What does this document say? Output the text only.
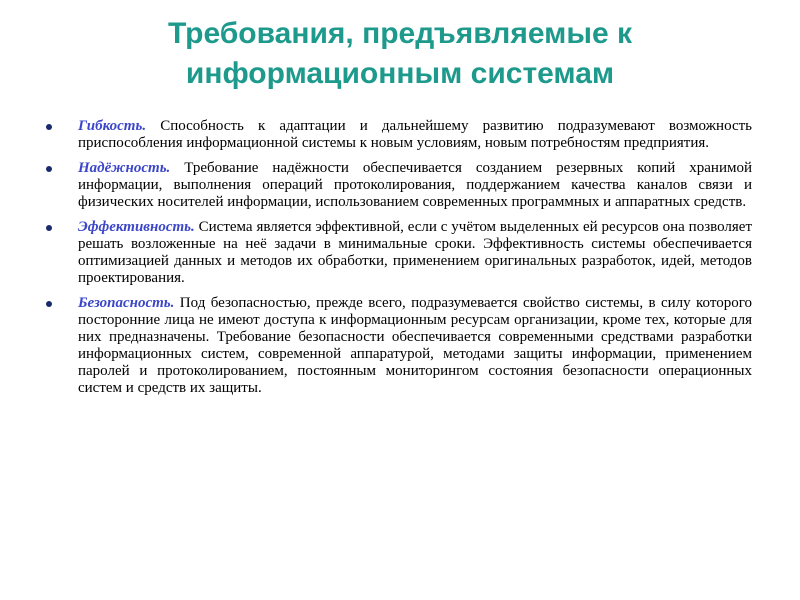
Требования, предъявляемые к
информационным системам
Гибкость. Способность к адаптации и дальнейшему развитию подразумевают возможность приспособления информационной системы к новым условиям, новым потребностям предприятия.
Надёжность. Требование надёжности обеспечивается созданием резервных копий хранимой информации, выполнения операций протоколирования, поддержанием качества каналов связи и физических носителей информации, использованием современных программных и аппаратных средств.
Эффективность. Система является эффективной, если с учётом выделенных ей ресурсов она позволяет решать возложенные на неё задачи в минимальные сроки. Эффективность системы обеспечивается оптимизацией данных и методов их обработки, применением оригинальных разработок, идей, методов проектирования.
Безопасность. Под безопасностью, прежде всего, подразумевается свойство системы, в силу которого посторонние лица не имеют доступа к информационным ресурсам организации, кроме тех, которые для них предназначены. Требование безопасности обеспечивается современными средствами разработки информационных систем, современной аппаратурой, методами защиты информации, применением паролей и протоколированием, постоянным мониторингом состояния безопасности операционных систем и средств их защиты.
